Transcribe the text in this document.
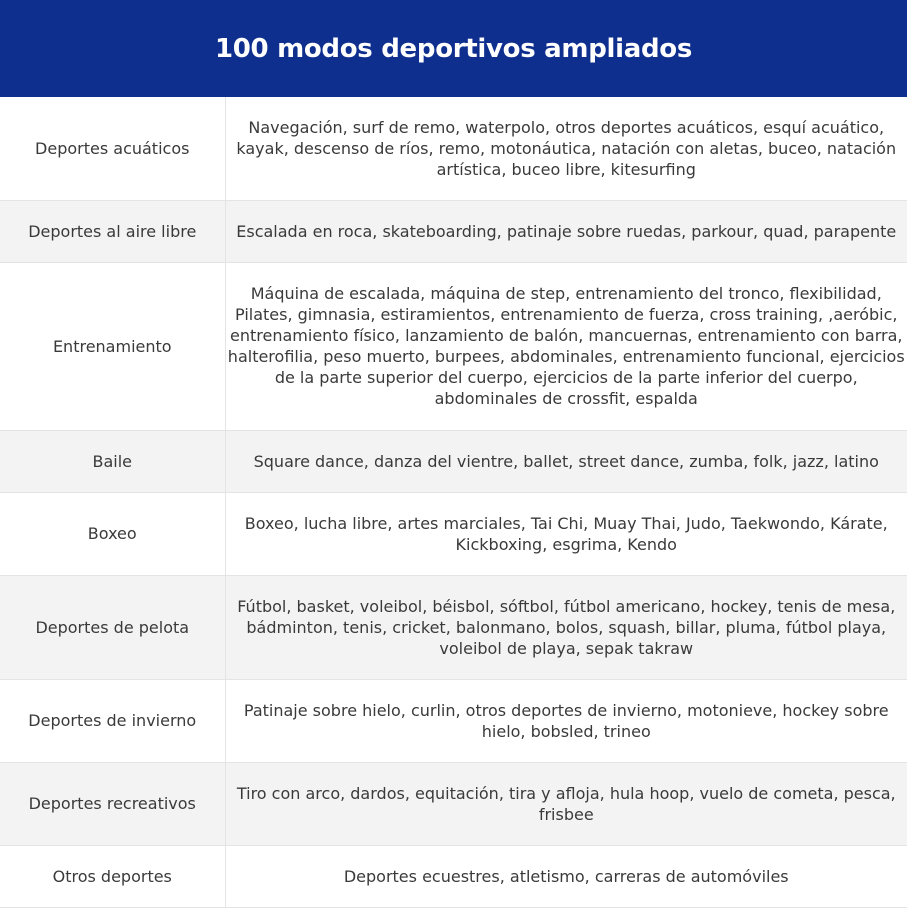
100 modos deportivos ampliados
Deportes acuáticos	Navegación, surf de remo, waterpolo, otros deportes acuáticos, esquí acuático, kayak, descenso de ríos, remo, motonáutica, natación con aletas, buceo, natación artística, buceo libre, kitesurfing

Deportes al aire libre	Escalada en roca, skateboarding, patinaje sobre ruedas, parkour, quad, parapente

Entrenamiento	Máquina de escalada, máquina de step, entrenamiento del tronco, flexibilidad, Pilates, gimnasia, estiramientos, entrenamiento de fuerza, cross training, ,aeróbic, entrenamiento físico, lanzamiento de balón, mancuernas, entrenamiento con barra, halterofilia, peso muerto, burpees, abdominales, entrenamiento funcional, ejercicios de la parte superior del cuerpo, ejercicios de la parte inferior del cuerpo, abdominales de crossfit, espalda

Baile	Square dance, danza del vientre, ballet, street dance, zumba, folk, jazz, latino

Boxeo	Boxeo, lucha libre, artes marciales, Tai Chi, Muay Thai, Judo, Taekwondo, Kárate, Kickboxing, esgrima, Kendo

Deportes de pelota	Fútbol, basket, voleibol, béisbol, sóftbol, fútbol americano, hockey, tenis de mesa, bádminton, tenis, cricket, balonmano, bolos, squash, billar, pluma, fútbol playa, voleibol de playa, sepak takraw

Deportes de invierno	Patinaje sobre hielo, curlin, otros deportes de invierno, motonieve, hockey sobre hielo, bobsled, trineo

Deportes recreativos	Tiro con arco, dardos, equitación, tira y afloja, hula hoop, vuelo de cometa, pesca, frisbee

Otros deportes	Deportes ecuestres, atletismo, carreras de automóviles
